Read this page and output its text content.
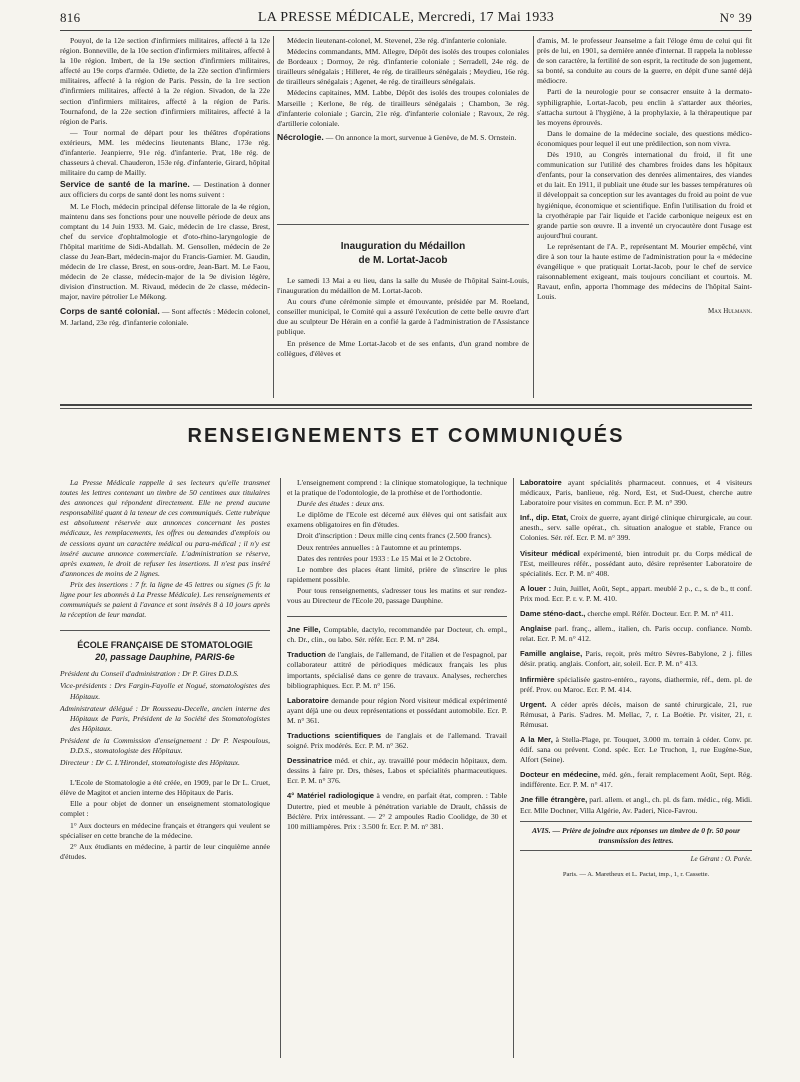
816	LA PRESSE MÉDICALE, Mercredi, 17 Mai 1933	N° 39

Pouyol, de la 12e section d'infirmiers militaires, affecté à la 12e région. Bonneville, de la 10e section d'infirmiers militaires, affecté à la 10e région. Imbert, de la 19e section d'infirmiers militaires, affecté au 19e corps d'armée. Odiette, de la 22e section d'infirmiers militaires, affecté à la région de Paris. Pessin, de la 1re section d'infirmiers militaires, affecté à la 2e région. Sivadon, de la 22e section d'infirmiers militaires, affecté à la région de Paris. Tournafond, de la 22e section d'infirmiers militaires, affecté à la région de Paris.

— Tour normal de départ pour les théâtres d'opérations extérieurs, MM. les médecins lieutenants Blanc, 173e rég. d'infanterie. Jeanpierre, 91e rég. d'infanterie. Prat, 18e rég. de chasseurs à cheval. Chauderon, 153e rég. d'infanterie, Girard, hôpital militaire du camp de Mailly.

Service de santé de la marine. — Destination à donner aux officiers du corps de santé dont les noms suivent :

M. Le Floch, médecin principal défense littorale de la 4e région, maintenu dans ses fonctions pour une nouvelle période de deux ans comptant du 14 Juin 1933. M. Gaic, médecin de 1re classe, Brest, chef du service d'ophtalmologie et d'oto-rhino-laryngologie de l'hôpital maritime de Sidi-Abdallah. M. Gensollen, médecin de 2e classe du Jean-Bart, médecin-major du Francis-Garnier. M. Gaudin, médecin de 1re classe, Brest, en sous-ordre, Jean-Bart. M. Le Faou, médecin de 2e classe, médecin-major de la 9e division légère, division d'instruction. M. Rivaud, médecin de 2e classe, médecin-major, navire pétrolier Le Mékong.

Corps de santé colonial. — Sont affectés : Médecin colonel, M. Jarland, 23e rég. d'infanterie coloniale.

Médecin lieutenant-colonel, M. Stevenel, 23e rég. d'infanterie coloniale.

Médecins commandants, MM. Allegre, Dépôt des isolés des troupes coloniales de Bordeaux ; Dormoy, 2e rég. d'infanterie coloniale ; Serradell, 24e rég. de tirailleurs sénégalais ; Hilleret, 4e rég. de tirailleurs sénégalais ; Meydieu, 16e rég. de tirailleurs sénégalais ; Agenet, 4e rég. de tirailleurs sénégalais.

Médecins capitaines, MM. Labbe, Dépôt des isolés des troupes coloniales de Marseille ; Kerlone, 8e rég. de tirailleurs sénégalais ; Chambon, 3e rég. d'infanterie coloniale ; Garcin, 21e rég. d'infanterie coloniale ; Ravoux, 2e rég. d'artillerie coloniale.

Nécrologie. — On annonce la mort, survenue à Genève, de M. S. Ornstein.

Inauguration du Médaillon
de M. Lortat-Jacob

Le samedi 13 Mai a eu lieu, dans la salle du Musée de l'hôpital Saint-Louis, l'inauguration du médaillon de M. Lortat-Jacob.

Au cours d'une cérémonie simple et émouvante, présidée par M. Roeland, conseiller municipal, le Comité qui a assuré l'exécution de cette belle œuvre d'art due au sculpteur De Hérain en a confié la garde à l'administration de l'Assistance publique.

En présence de Mme Lortat-Jacob et de ses enfants, d'un grand nombre de collègues, d'élèves et

d'amis, M. le professeur Jeanselme a fait l'éloge ému de celui qui fit près de lui, en 1901, sa dernière année d'internat. Il rappela la noblesse de son caractère, la fertilité de son esprit, la rectitude de son jugement, sa bonté, sa conduite au cours de la guerre, en dépit d'une santé déjà médiocre.

Parti de la neurologie pour se consacrer ensuite à la dermato-syphiligraphie, Lortat-Jacob, peu enclin à s'attarder aux théories, s'attacha surtout à l'hygiène, à la prophylaxie, à la thérapeutique par les moyens éprouvés.

Dans le domaine de la médecine sociale, des questions médico-économiques pour lequel il eut une prédilection, son nom vivra.

Dès 1910, au Congrès international du froid, il fit une communication sur l'utilité des chambres froides dans les hôpitaux d'enfants, pour la conservation des denrées alimentaires, des viandes et du lait. En 1911, il publiait une étude sur les basses températures où il développait sa conception sur les avantages du froid au point de vue hygiénique, économique et scientifique. Enfin l'utilisation du froid et la cryothérapie par l'air liquide et l'acide carbonique neigeux est en grande partie son œuvre. Il a inventé un cryocautère dont l'usage est aujourd'hui courant.

Le représentant de l'A. P., représentant M. Mourier empêché, vint dire à son tour la haute estime de l'administration pour la « médecine évangélique » que pratiquait Lortat-Jacob, pour le chef de service raisonnablement exigeant, mais toujours conciliant et courtois. M. Ravaut, enfin, apporta l'hommage des médecins de l'hôpital Saint-Louis.

Max Hulmann.
RENSEIGNEMENTS ET COMMUNIQUÉS

La Presse Médicale rappelle à ses lecteurs qu'elle transmet toutes les lettres contenant un timbre de 50 centimes aux titulaires des annonces qui répondent directement. Elle ne prend aucune responsabilité quant à la teneur de ces communiqués. Cette rubrique est absolument réservée aux annonces concernant les postes médicaux, les remplacements, les offres ou demandes d'emplois ou de cessions ayant un caractère médical ou para-médical ; il n'y est inséré aucune annonce commerciale. L'administration se réserve, après examen, le droit de refuser les insertions. Il n'est pas inséré d'annonces de moins de 2 lignes.

Prix des insertions : 7 fr. la ligne de 45 lettres ou signes (5 fr. la ligne pour les abonnés à La Presse Médicale). Les renseignements et communiqués se paient à l'avance et sont insérés 8 à 10 jours après la réception de leur mandat.

ÉCOLE FRANÇAISE DE STOMATOLOGIE
20, passage Dauphine, PARIS-6e

Président du Conseil d'administration : Dr P. Gires D.D.S.

Vice-présidents : Drs Fargin-Fayolle et Nogué, stomatologistes des Hôpitaux.

Administrateur délégué : Dr Rousseau-Decelle, ancien interne des Hôpitaux de Paris, Président de la Société des Stomatologistes des Hôpitaux.

Président de la Commission d'enseignement : Dr P. Nespoulous, D.D.S., stomatologiste des Hôpitaux.

Directeur : Dr C. L'Hirondel, stomatologiste des Hôpitaux.

L'Ecole de Stomatologie a été créée, en 1909, par le Dr L. Cruet, élève de Magitot et ancien interne des Hôpitaux de Paris.

Elle a pour objet de donner un enseignement stomatologique complet :

1° Aux docteurs en médecine français et étrangers qui veulent se spécialiser en cette branche de la médecine.

2° Aux étudiants en médecine, à partir de leur cinquième année d'études.

L'enseignement comprend : la clinique stomatologique, la technique et la pratique de l'odontologie, de la prothèse et de l'orthodontie.

Durée des études : deux ans.

Le diplôme de l'Ecole est décerné aux élèves qui ont satisfait aux examens obligatoires en fin d'études.

Droit d'inscription : Deux mille cinq cents francs (2.500 francs).

Deux rentrées annuelles : à l'automne et au printemps.

Dates des rentrées pour 1933 : Le 15 Mai et le 2 Octobre.

Le nombre des places étant limité, prière de s'inscrire le plus rapidement possible.

Pour tous renseignements, s'adresser tous les matins et sur rendez-vous au Directeur de l'Ecole 20, passage Dauphine.

Jne Fille, Comptable, dactylo, recommandée par Docteur, ch. empl., ch. Dr., clin., ou labo. Sér. référ. Ecr. P. M. n° 284.

Traduction de l'anglais, de l'allemand, de l'italien et de l'espagnol, par collaborateur attitré de périodiques médicaux français les plus importants, spécialisé dans ce genre de travaux. Analyses, recherches bibliographiques. Ecr. P. M. n° 156.

Laboratoire demande pour région Nord visiteur médical expérimenté ayant déjà une ou deux représentations et possédant automobile. Ecr. P. M. n° 361.

Traductions scientifiques de l'anglais et de l'allemand. Travail soigné. Prix modérés. Ecr. P. M. n° 362.

Dessinatrice méd. et chir., ay. travaillé pour médecin hôpitaux, dem. dessins à faire pr. Drs, thèses, Labos et spécialités pharmaceutiques. Ecr. P. M. n° 376.

4° Matériel radiologique à vendre, en parfait état, compren. : Table Dutertre, pied et meuble à pénétration variable de Drault, châssis de Béclère. Prix intéressant. — 2° 2 ampoules Radio Coolidge, de 30 et 100 milliampères. Prix : 3.500 fr. Ecr. P. M. n° 381.

Laboratoire ayant spécialités pharmaceut. connues, et 4 visiteurs médicaux, Paris, banlieue, rég. Nord, Est, et Sud-Ouest, cherche autre Laboratoire pour visites en commun. Ecr. P. M. n° 390.

Inf., dip. Etat, Croix de guerre, ayant dirigé clinique chirurgicale, au cour. anesth., serv. salle opérat., ch. situation analogue et stable, France ou Colonies. Sér. réf. Ecr. P. M. n° 399.

Visiteur médical expérimenté, bien introduit pr. du Corps médical de l'Est, meilleures référ., possédant auto, désire représenter Laboratoire de spécialités. Ecr. P. M. n° 408.

A louer : Juin, Juillet, Août, Sept., appart. meublé 2 p., c., s. de b., tt conf. Prix mod. Ecr. P. r. v. P. M. 410.

Dame sténo-dact., cherche empl. Référ. Docteur. Ecr. P. M. n° 411.

Anglaise parl. franç., allem., italien, ch. Paris occup. confiance. Nomb. relat. Ecr. P. M. n° 412.

Famille anglaise, Paris, reçoit, près métro Sèvres-Babylone, 2 j. filles désir. pratiq. anglais. Confort, air, soleil. Ecr. P. M. n° 413.

Infirmière spécialisée gastro-entéro., rayons, diathermie, réf., dem. pl. de préf. Prov. ou Maroc. Ecr. P. M. 414.

Urgent. A céder après décès, maison de santé chirurgicale, 21, rue Rémusat, à Paris. S'adres. M. Mellac, 7, r. La Boétie. Pr. visiter, 21, r. Rémusat.

A la Mer, à Stella-Plage, pr. Touquet, 3.000 m. terrain à céder. Conv. pr. édif. sana ou prévent. Cond. spéc. Ecr. Le Truchon, 1, rue Eugène-Sue, Alfort (Seine).

Docteur en médecine, méd. gén., ferait remplacement Août, Sept. Rég. indifférente. Ecr. P. M. n° 417.

Jne fille étrangère, parl. allem. et angl., ch. pl. ds fam. médic., rég. Midi. Ecr. Mlle Dochner, Villa Algérie, Av. Paderi, Nice-Favrou.

AVIS. — Prière de joindre aux réponses un timbre de 0 fr. 50 pour transmission des lettres.
Le Gérant : O. Porée.
Paris. — A. Maretheux et L. Pactat, imp., 1, r. Cassette.
